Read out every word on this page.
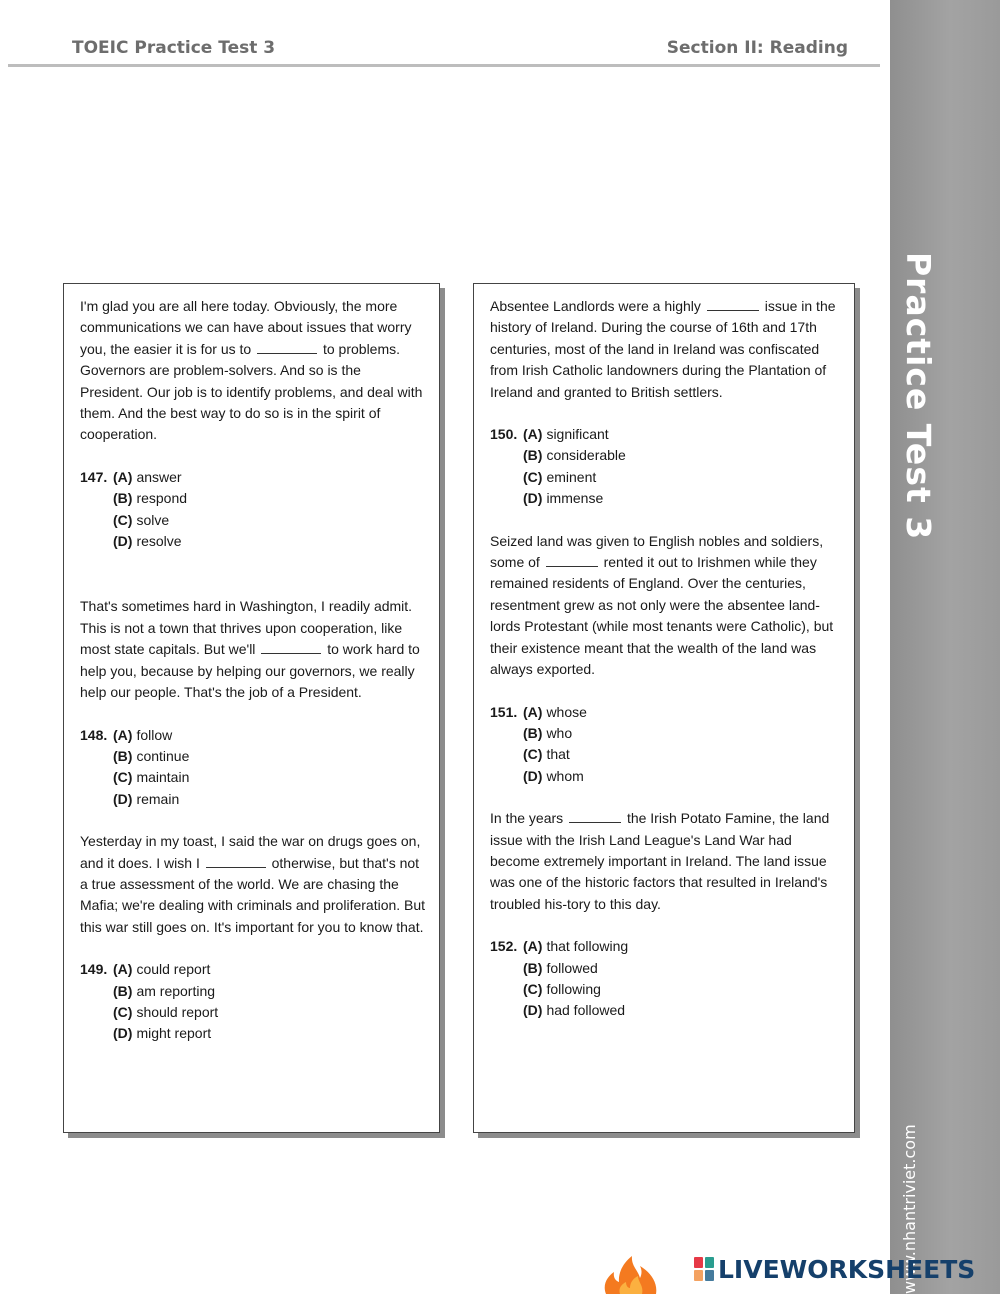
TOEIC Practice Test 3	Section II: Reading
Practice Test 3
www.nhantriviet.com

I'm glad you are all here today. Obviously, the more communications we can have about issues that worry you, the easier it is for us to	to problems. Governors are problem-solvers. And so is the President. Our job is to identify problems, and deal with them. And the best way to do so is in the spirit of cooperation.

147. (A) answer
(B) respond
(C) solve
(D) resolve

That's sometimes hard in Washington, I readily admit. This is not a town that thrives upon cooperation, like most state capitals. But we'll	to work hard to help you, because by helping our governors, we really help our people. That's the job of a President.

148. (A) follow
(B) continue
(C) maintain
(D) remain

Yesterday in my toast, I said the war on drugs goes on, and it does. I wish I	otherwise, but that's not a true assessment of the world. We are chasing the Mafia; we're dealing with criminals and proliferation. But this war still goes on. It's important for you to know that.

149. (A) could report
(B) am reporting
(C) should report
(D) might report

Absentee Landlords were a highly	issue in the history of Ireland. During the course of 16th and 17th centuries, most of the land in Ireland was confiscated from Irish Catholic landowners during the Plantation of Ireland and granted to British settlers.

150. (A) significant
(B) considerable
(C) eminent
(D) immense

Seized land was given to English nobles and soldiers, some of	rented it out to Irishmen while they remained residents of England. Over the centuries, resentment grew as not only were the absentee land-lords Protestant (while most tenants were Catholic), but their existence meant that the wealth of the land was always exported.

151. (A) whose
(B) who
(C) that
(D) whom

In the years	the Irish Potato Famine, the land issue with the Irish Land League's Land War had become extremely important in Ireland. The land issue was one of the historic factors that resulted in Ireland's troubled his-tory to this day.

152. (A) that following
(B) followed
(C) following
(D) had followed
LIVEWORKSHEETS
